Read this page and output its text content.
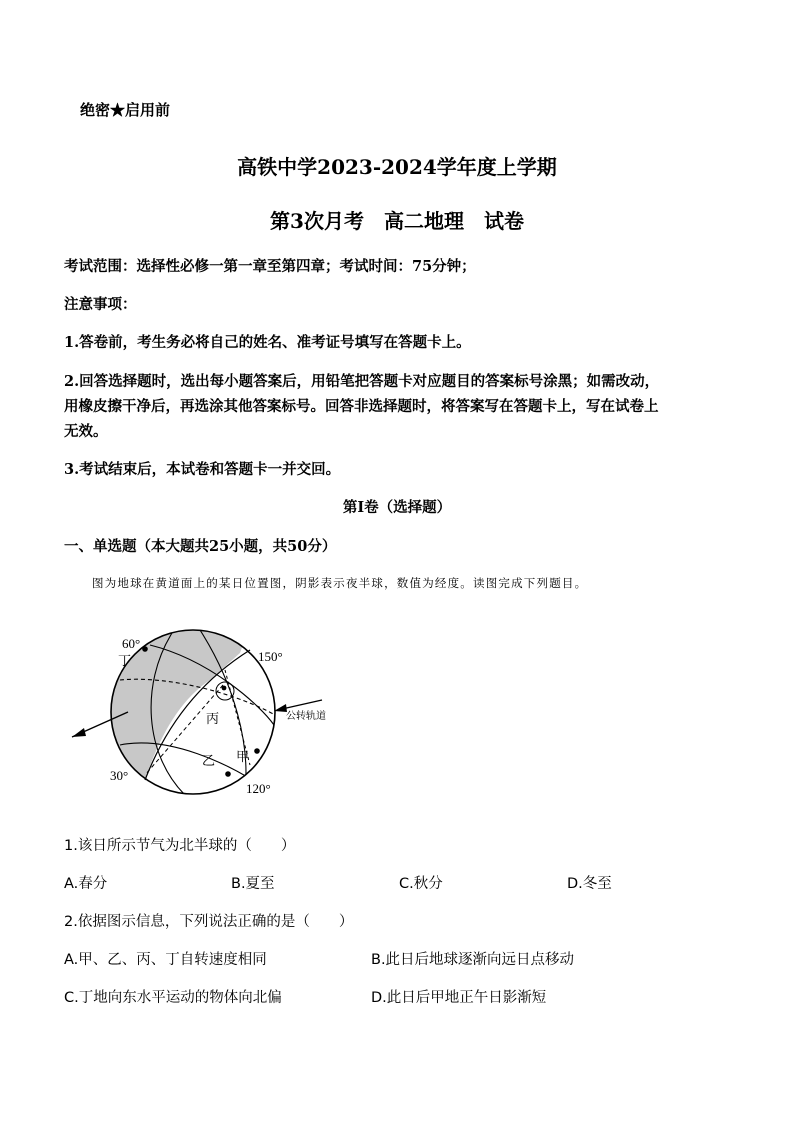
绝密★启用前
高铁中学2023-2024学年度上学期
第3次月考　高二地理　试卷
考试范围：选择性必修一第一章至第四章；考试时间：75分钟；
注意事项：
1.答卷前，考生务必将自己的姓名、准考证号填写在答题卡上。
2.回答选择题时，选出每小题答案后，用铅笔把答题卡对应题目的答案标号涂黑；如需改动，
用橡皮擦干净后，再选涂其他答案标号。回答非选择题时，将答案写在答题卡上，写在试卷上
无效。
3.考试结束后，本试卷和答题卡一并交回。
第I卷（选择题）
一、单选题（本大题共25小题，共50分）
图为地球在黄道面上的某日位置图，阴影表示夜半球，数值为经度。读图完成下列题目。
60°
150°
30°
120°
丁
丙
乙 甲
公转轨道
1.该日所示节气为北半球的（　　）
A.春分	B.夏至	C.秋分	D.冬至
2.依据图示信息，下列说法正确的是（　　）
A.甲、乙、丙、丁自转速度相同	B.此日后地球逐渐向远日点移动
C.丁地向东水平运动的物体向北偏	D.此日后甲地正午日影渐短
